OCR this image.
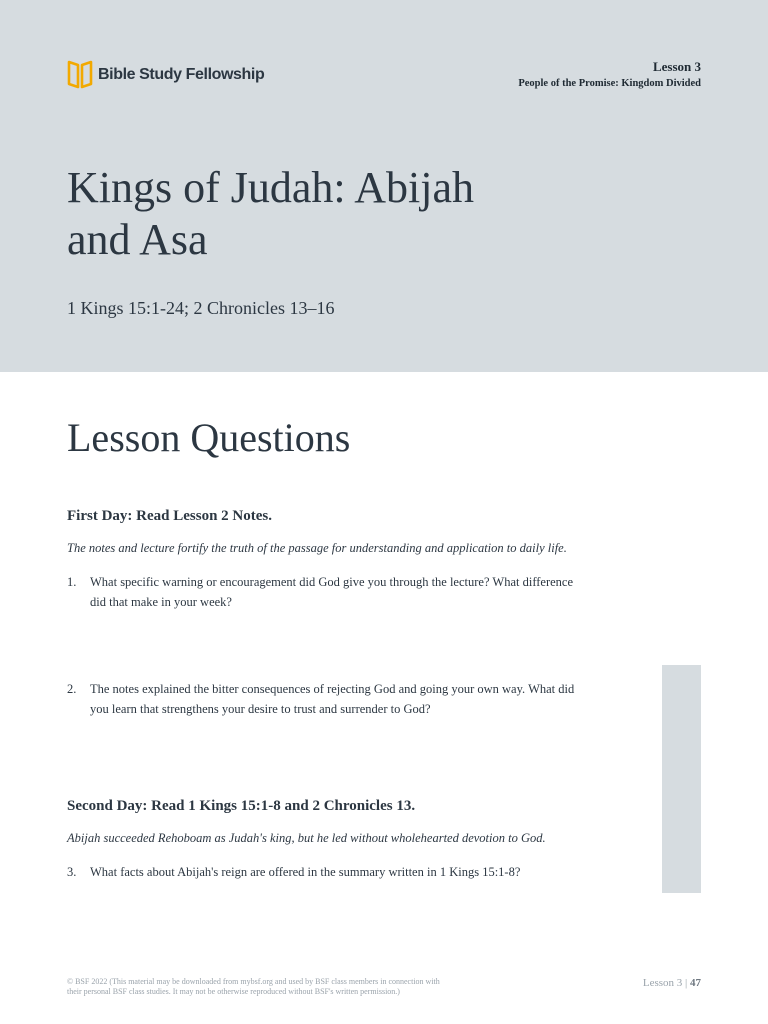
Bible Study Fellowship	Lesson 3
People of the Promise: Kingdom Divided
Kings of Judah: Abijah and Asa
1 Kings 15:1-24; 2 Chronicles 13–16
Lesson Questions
First Day: Read Lesson 2 Notes.
The notes and lecture fortify the truth of the passage for understanding and application to daily life.
1.	What specific warning or encouragement did God give you through the lecture? What difference did that make in your week?
2.	The notes explained the bitter consequences of rejecting God and going your own way. What did you learn that strengthens your desire to trust and surrender to God?
Second Day: Read 1 Kings 15:1-8 and 2 Chronicles 13.
Abijah succeeded Rehoboam as Judah's king, but he led without wholehearted devotion to God.
3.	What facts about Abijah's reign are offered in the summary written in 1 Kings 15:1-8?
© BSF 2022 (This material may be downloaded from mybsf.org and used by BSF class members in connection with their personal BSF class studies. It may not be otherwise reproduced without BSF's written permission.)
Lesson 3 | 47
